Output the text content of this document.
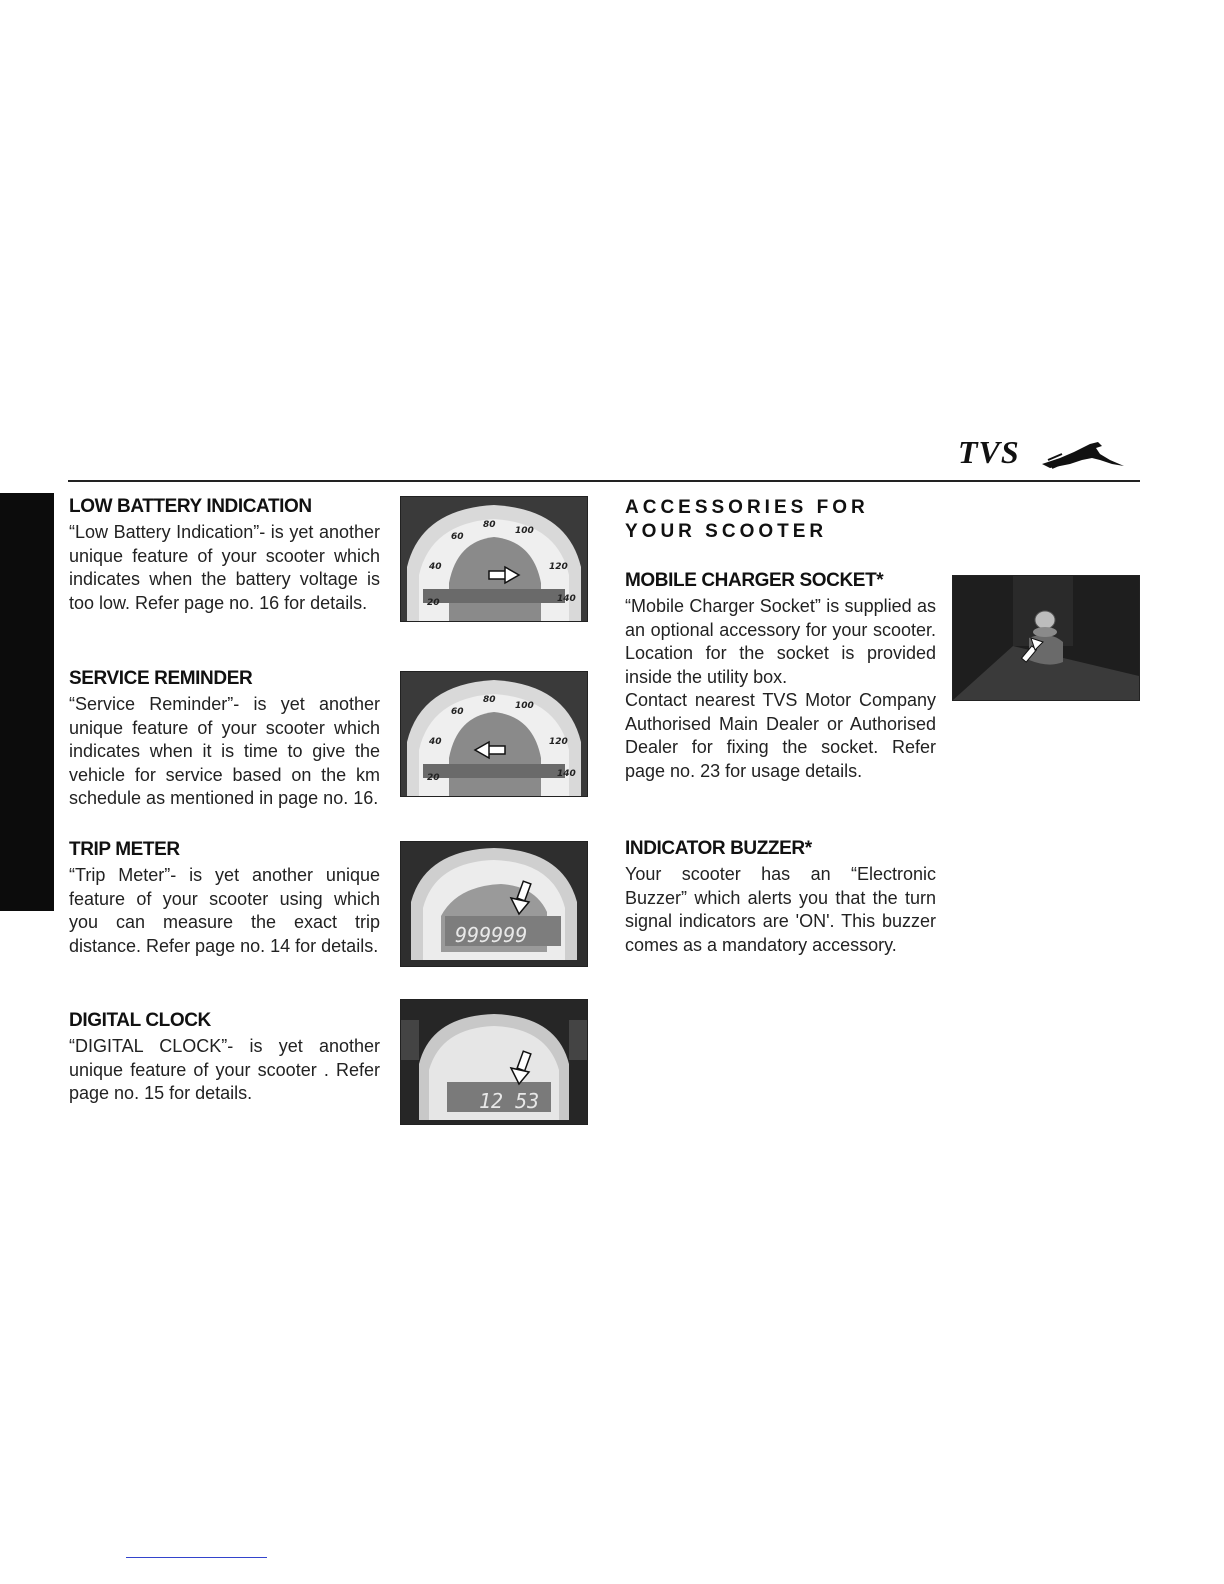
TVS

LOW BATTERY INDICATION

“Low Battery Indication”- is yet another unique feature of your scooter which indicates when the battery voltage is too low. Refer page no. 16 for details.

SERVICE REMINDER

“Service Reminder”- is yet another unique feature of your scooter which indicates when it is time to give the vehicle for service based on the km schedule as mentioned in page no. 16.

TRIP METER

“Trip Meter”- is yet another unique feature of your scooter using which you can measure the exact trip distance. Refer page no. 14 for details.

DIGITAL CLOCK

“DIGITAL CLOCK”- is yet another unique feature of your scooter . Refer page no. 15 for details.

20
40
60
80
100
120
140
20
40
60
80
100
120
140
999999
12 53

ACCESSORIES FOR YOUR SCOOTER

MOBILE CHARGER SOCKET*

“Mobile Charger Socket” is supplied as an optional accessory for your scooter. Location for the socket is provided inside the utility box.

Contact nearest TVS Motor Company Authorised Main Dealer or Authorised Dealer for fixing the socket. Refer page no. 23 for usage details.

INDICATOR BUZZER*

Your scooter has an “Electronic Buzzer” which alerts you that the turn signal indicators are 'ON'. This buzzer comes as a mandatory accessory.
